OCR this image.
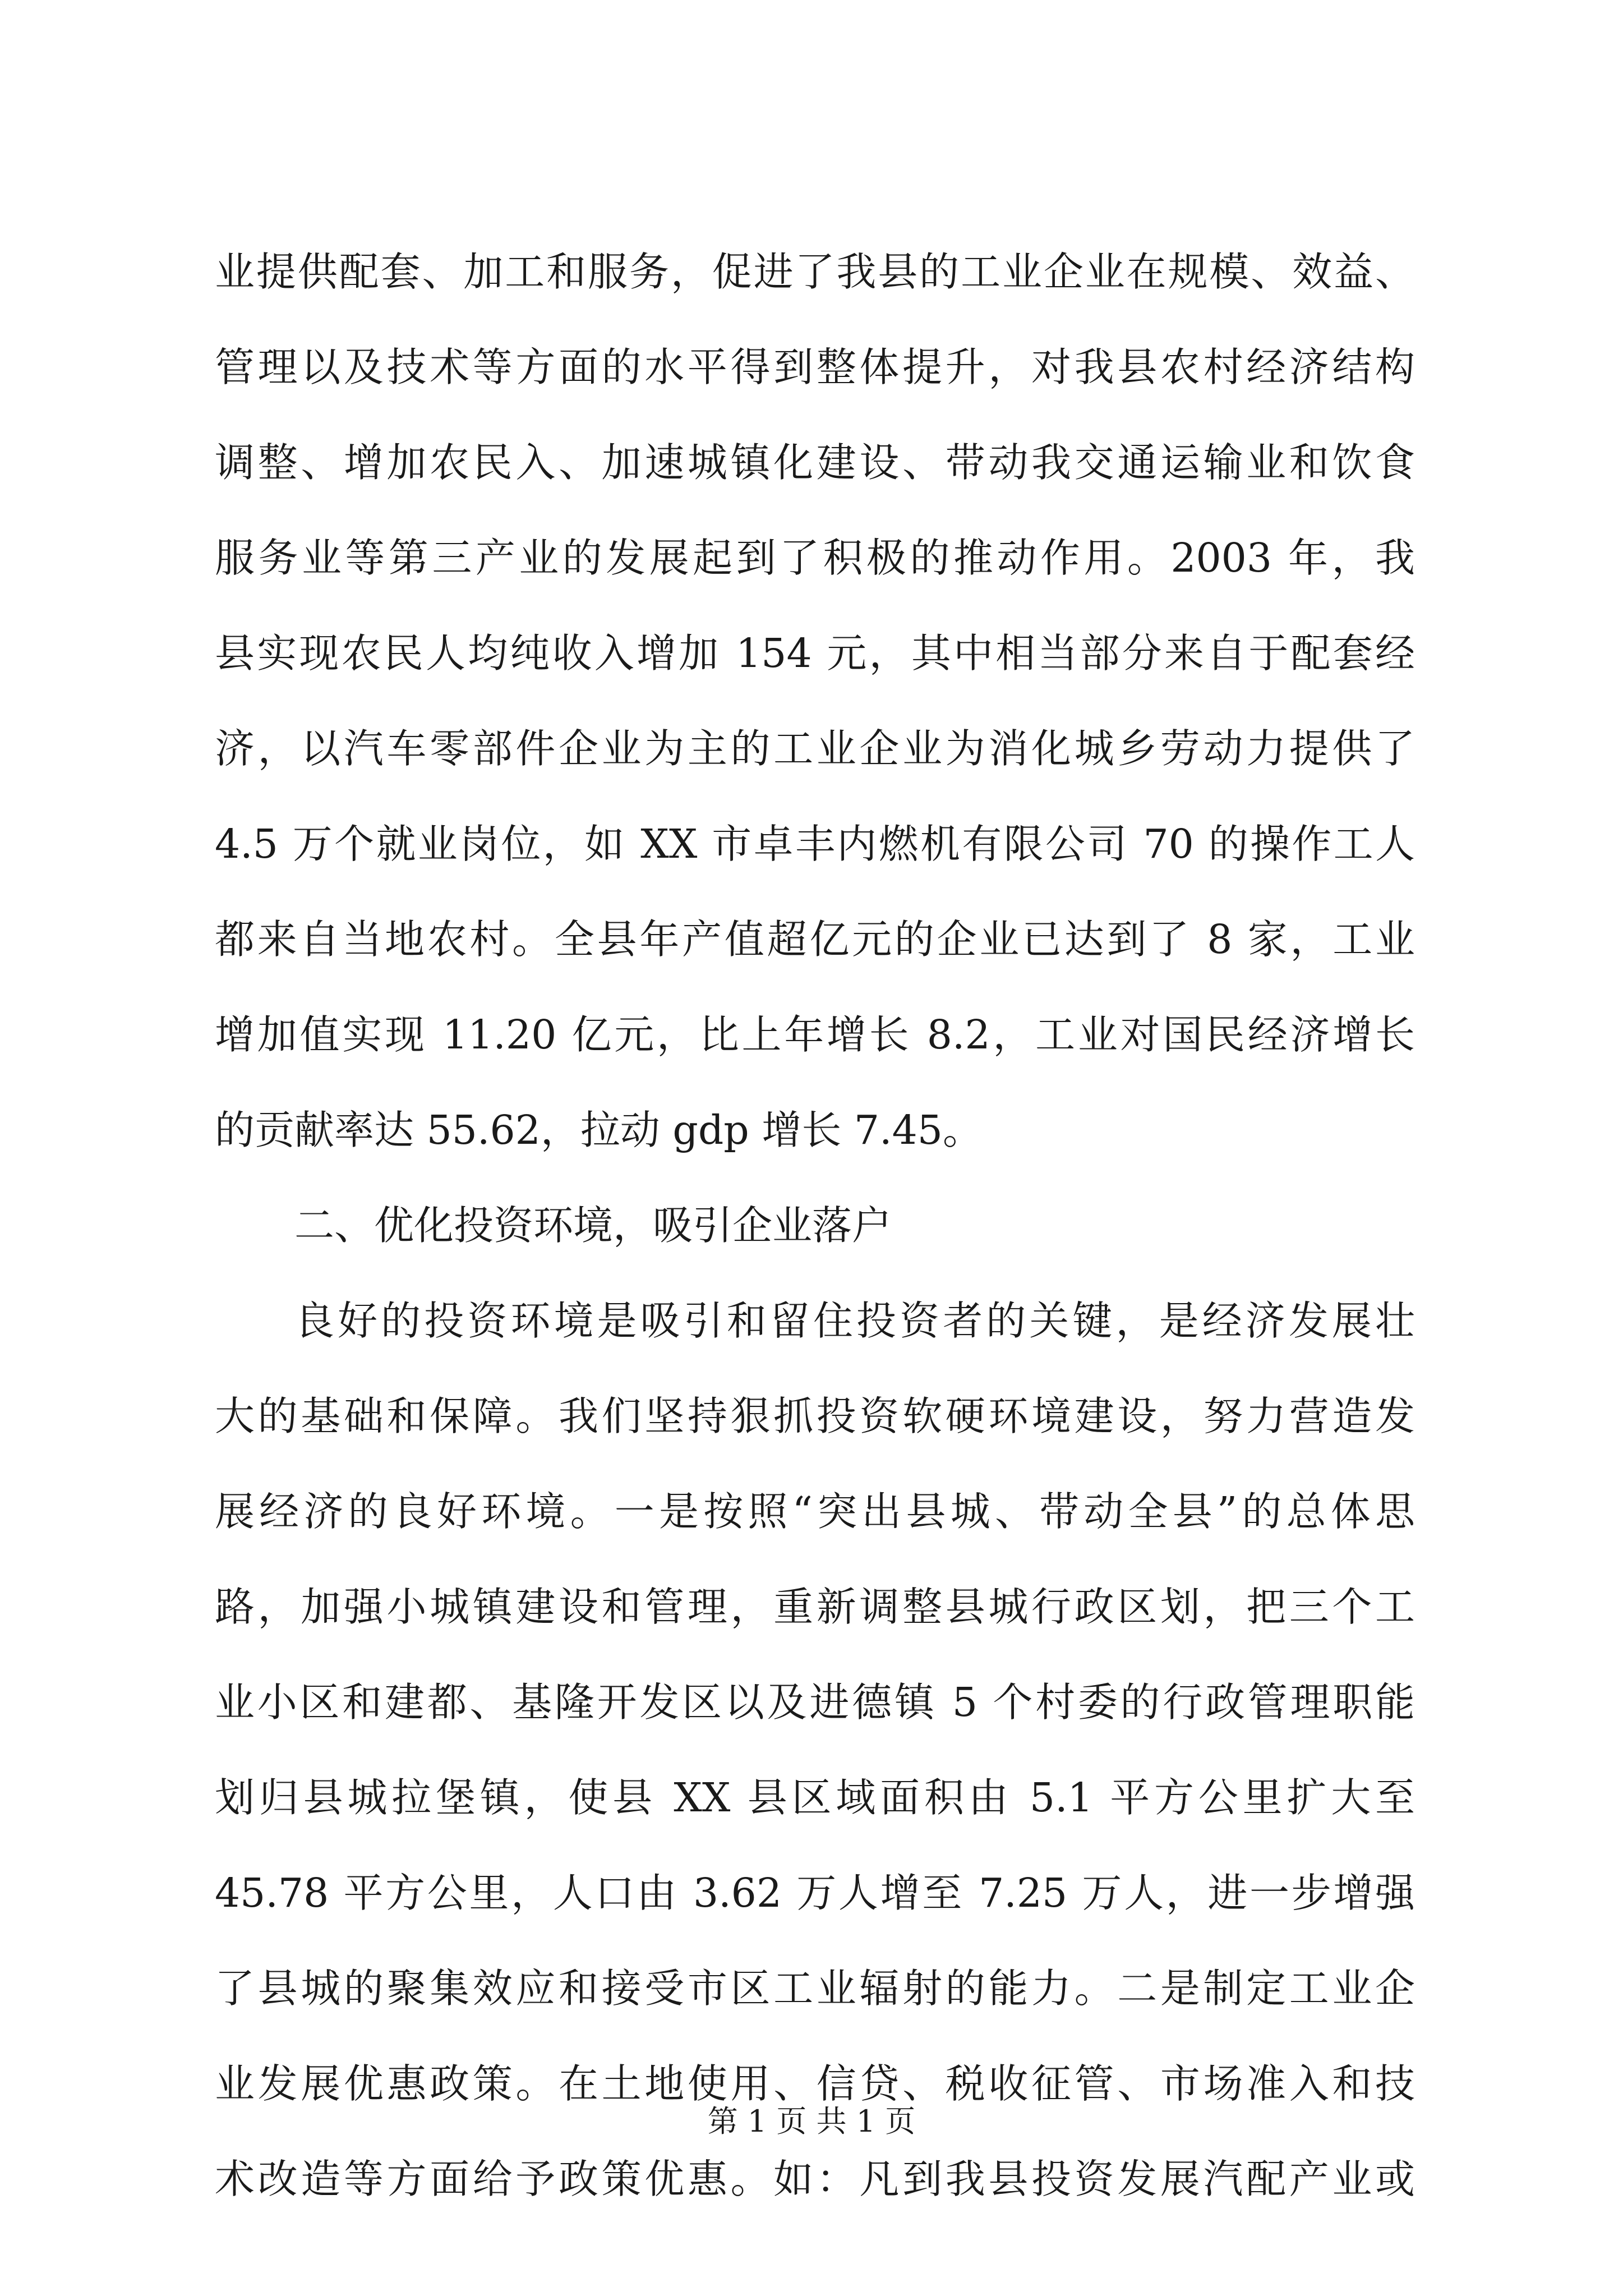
业提供配套、加工和服务，促进了我县的工业企业在规模、效益、
管理以及技术等方面的水平得到整体提升，对我县农村经济结构
调整、增加农民入、加速城镇化建设、带动我交通运输业和饮食
服务业等第三产业的发展起到了积极的推动作用。2003 年，我
县实现农民人均纯收入增加 154 元，其中相当部分来自于配套经
济，以汽车零部件企业为主的工业企业为消化城乡劳动力提供了
4.5 万个就业岗位，如 XX 市卓丰内燃机有限公司 70 的操作工人
都来自当地农村。全县年产值超亿元的企业已达到了 8 家，工业
增加值实现 11.20 亿元，比上年增长 8.2，工业对国民经济增长
的贡献率达 55.62，拉动 gdp 增长 7.45。
二、优化投资环境，吸引企业落户
良好的投资环境是吸引和留住投资者的关键，是经济发展壮
大的基础和保障。我们坚持狠抓投资软硬环境建设，努力营造发
展经济的良好环境。一是按照“突出县城、带动全县”的总体思
路，加强小城镇建设和管理，重新调整县城行政区划，把三个工
业小区和建都、基隆开发区以及进德镇 5 个村委的行政管理职能
划归县城拉堡镇，使县 XX 县区域面积由 5.1 平方公里扩大至
45.78 平方公里，人口由 3.62 万人增至 7.25 万人，进一步增强
了县城的聚集效应和接受市区工业辐射的能力。二是制定工业企
业发展优惠政策。在土地使用、信贷、税收征管、市场准入和技
术改造等方面给予政策优惠。如：凡到我县投资发展汽配产业或
第 1 页 共 1 页
